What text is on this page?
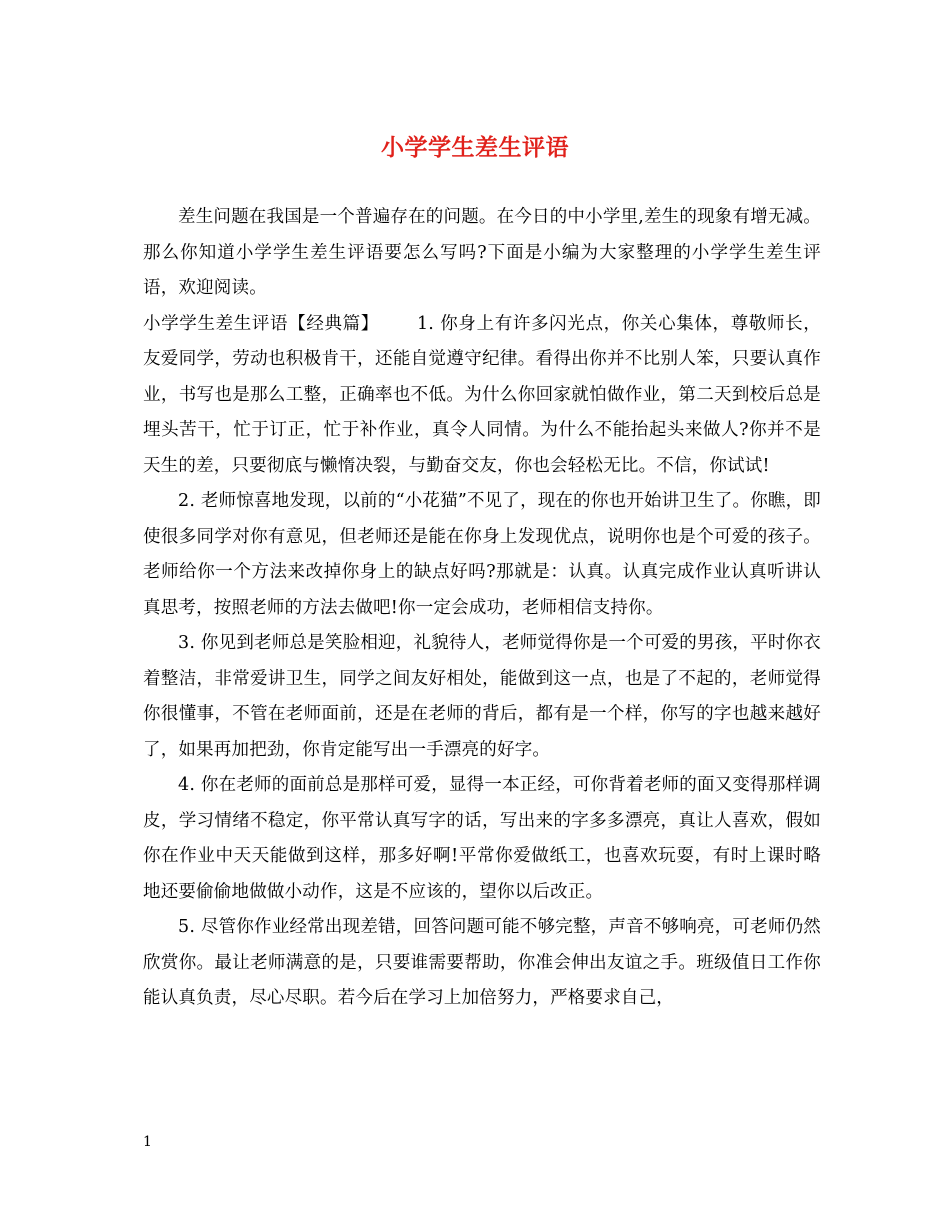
小学学生差生评语

差生问题在我国是一个普遍存在的问题。在今日的中小学里,差生的现象有增无减。那么你知道小学学生差生评语要怎么写吗?下面是小编为大家整理的小学学生差生评语，欢迎阅读。

小学学生差生评语【经典篇】 1. 你身上有许多闪光点，你关心集体，尊敬师长，友爱同学，劳动也积极肯干，还能自觉遵守纪律。看得出你并不比别人笨，只要认真作业，书写也是那么工整，正确率也不低。为什么你回家就怕做作业，第二天到校后总是埋头苦干，忙于订正，忙于补作业，真令人同情。为什么不能抬起头来做人?你并不是天生的差，只要彻底与懒惰决裂，与勤奋交友，你也会轻松无比。不信，你试试!

2. 老师惊喜地发现，以前的“小花猫”不见了，现在的你也开始讲卫生了。你瞧，即使很多同学对你有意见，但老师还是能在你身上发现优点，说明你也是个可爱的孩子。老师给你一个方法来改掉你身上的缺点好吗?那就是：认真。认真完成作业认真听讲认真思考，按照老师的方法去做吧!你一定会成功，老师相信支持你。

3. 你见到老师总是笑脸相迎，礼貌待人，老师觉得你是一个可爱的男孩，平时你衣着整洁，非常爱讲卫生，同学之间友好相处，能做到这一点，也是了不起的，老师觉得你很懂事，不管在老师面前，还是在老师的背后，都有是一个样，你写的字也越来越好了，如果再加把劲，你肯定能写出一手漂亮的好字。

4. 你在老师的面前总是那样可爱，显得一本正经，可你背着老师的面又变得那样调皮，学习情绪不稳定，你平常认真写字的话，写出来的字多多漂亮，真让人喜欢，假如你在作业中天天能做到这样，那多好啊!平常你爱做纸工，也喜欢玩耍，有时上课时略地还要偷偷地做做小动作，这是不应该的，望你以后改正。

5. 尽管你作业经常出现差错，回答问题可能不够完整，声音不够响亮，可老师仍然欣赏你。最让老师满意的是，只要谁需要帮助，你准会伸出友谊之手。班级值日工作你能认真负责，尽心尽职。若今后在学习上加倍努力，严格要求自己，

1
